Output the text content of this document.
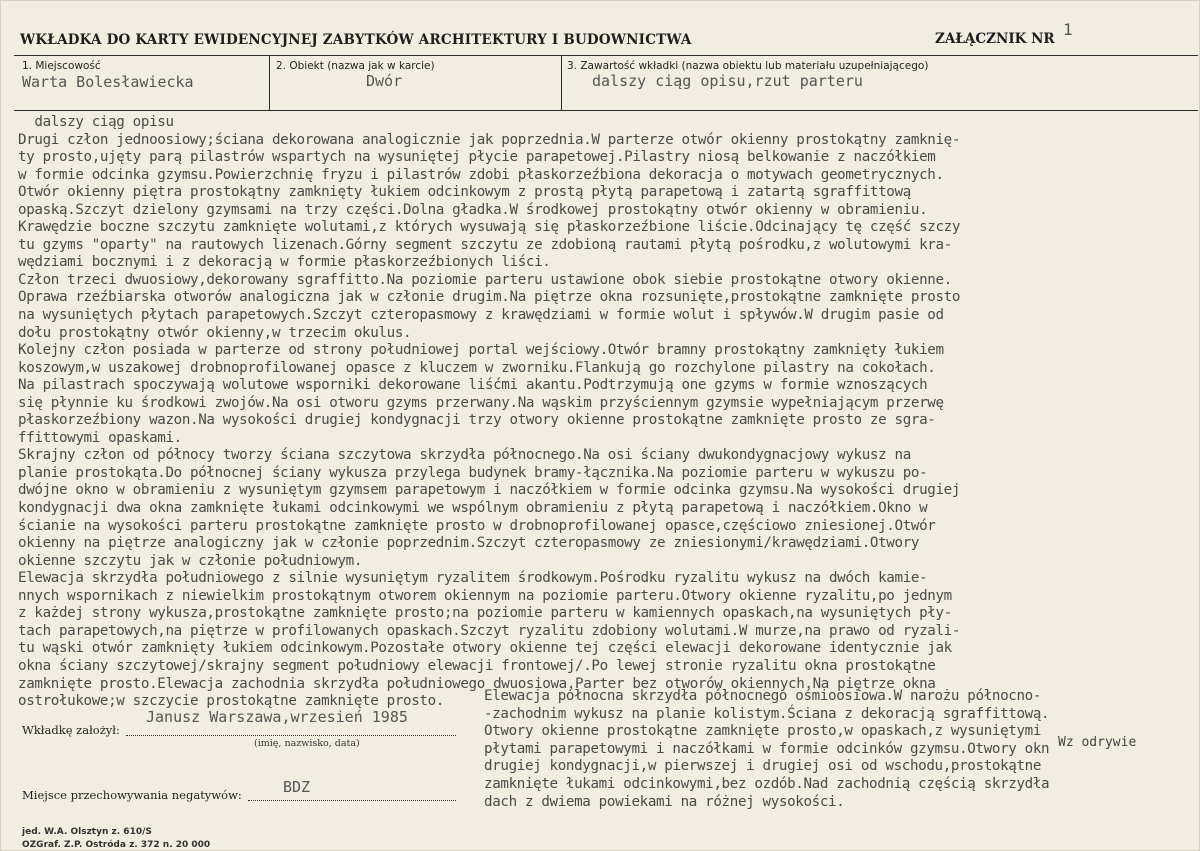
WKŁADKA DO KARTY EWIDENCYJNEJ ZABYTKÓW ARCHITEKTURY I BUDOWNICTWA	ZAŁĄCZNIK NR 1
1. Miejscowość
Warta Bolesławiecka
2. Obiekt (nazwa jak w karcie)
Dwór
3. Zawartość wkładki (nazwa obiektu lub materiału uzupełniającego)
dalszy ciąg opisu,rzut parteru
dalszy ciąg opisu
Drugi człon jednoosiowy;ściana dekorowana analogicznie jak poprzednia.W parterze otwór okienny prostokątny zamknię-
ty prosto,ujęty parą pilastrów wspartych na wysuniętej płycie parapetowej.Pilastry niosą belkowanie z naczółkiem
w formie odcinka gzymsu.Powierzchnię fryzu i pilastrów zdobi płaskorzeźbiona dekoracja o motywach geometrycznych.
Otwór okienny piętra prostokątny zamknięty łukiem odcinkowym z prostą płytą parapetową i zatartą sgraffittową
opaską.Szczyt dzielony gzymsami na trzy części.Dolna gładka.W środkowej prostokątny otwór okienny w obramieniu.
Krawędzie boczne szczytu zamknięte wolutami,z których wysuwają się płaskorzeźbione liście.Odcinający tę część szczy
tu gzyms "oparty" na rautowych lizenach.Górny segment szczytu ze zdobioną rautami płytą pośrodku,z wolutowymi kra-
wędziami bocznymi i z dekoracją w formie płaskorzeźbionych liści.
Człon trzeci dwuosiowy,dekorowany sgraffitto.Na poziomie parteru ustawione obok siebie prostokątne otwory okienne.
Oprawa rzeźbiarska otworów analogiczna jak w członie drugim.Na piętrze okna rozsunięte,prostokątne zamknięte prosto
na wysuniętych płytach parapetowych.Szczyt czteropasmowy z krawędziami w formie wolut i spływów.W drugim pasie od
dołu prostokątny otwór okienny,w trzecim okulus.
Kolejny człon posiada w parterze od strony południowej portal wejściowy.Otwór bramny prostokątny zamknięty łukiem
koszowym,w uszakowej drobnoprofilowanej opasce z kluczem w zworniku.Flankują go rozchylone pilastry na cokołach.
Na pilastrach spoczywają wolutowe wsporniki dekorowane liśćmi akantu.Podtrzymują one gzyms w formie wznoszących
się płynnie ku środkowi zwojów.Na osi otworu gzyms przerwany.Na wąskim przyściennym gzymsie wypełniającym przerwę
płaskorzeźbiony wazon.Na wysokości drugiej kondygnacji trzy otwory okienne prostokątne zamknięte prosto ze sgra-
ffittowymi opaskami.
Skrajny człon od północy tworzy ściana szczytowa skrzydła północnego.Na osi ściany dwukondygnacjowy wykusz na
planie prostokąta.Do północnej ściany wykusza przylega budynek bramy-łącznika.Na poziomie parteru w wykuszu po-
dwójne okno w obramieniu z wysuniętym gzymsem parapetowym i naczółkiem w formie odcinka gzymsu.Na wysokości drugiej
kondygnacji dwa okna zamknięte łukami odcinkowymi we wspólnym obramieniu z płytą parapetową i naczółkiem.Okno w
ścianie na wysokości parteru prostokątne zamknięte prosto w drobnoprofilowanej opasce,częściowo zniesionej.Otwór
okienny na piętrze analogiczny jak w członie poprzednim.Szczyt czteropasmowy ze zniesionymi/krawędziami.Otwory
okienne szczytu jak w członie południowym.
Elewacja skrzydła południowego z silnie wysuniętym ryzalitem środkowym.Pośrodku ryzalitu wykusz na dwóch kamie-
nnych wspornikach z niewielkim prostokątnym otworem okiennym na poziomie parteru.Otwory okienne ryzalitu,po jednym
z każdej strony wykusza,prostokątne zamknięte prosto;na poziomie parteru w kamiennych opaskach,na wysuniętych pły-
tach parapetowych,na piętrze w profilowanych opaskach.Szczyt ryzalitu zdobiony wolutami.W murze,na prawo od ryzali-
tu wąski otwór zamknięty łukiem odcinkowym.Pozostałe otwory okienne tej części elewacji dekorowane identycznie jak
okna ściany szczytowej/skrajny segment południowy elewacji frontowej/.Po lewej stronie ryzalitu okna prostokątne
zamknięte prosto.Elewacja zachodnia skrzydła południowego dwuosiowa.Parter bez otworów okiennych.Na piętrze okna
ostrołukowe;w szczycie prostokątne zamknięte prosto.	Elewacja północna skrzydła północnego ośmioosiowa.W narożu północno-
-zachodnim wykusz na planie kolistym.Ściana z dekoracją sgraffittową.
Otwory okienne prostokątne zamknięte prosto,w opaskach,z wysuniętymi
płytami parapetowymi i naczółkami w formie odcinków gzymsu.Otwory okn
drugiej kondygnacji,w pierwszej i drugiej osi od wschodu,prostokątne
zamknięte łukami odcinkowymi,bez ozdób.Nad zachodnią częścią skrzydła
dach z dwiema powiekami na różnej wysokości.
Wz odrywie
Wkładkę założył:
Janusz Warszawa,wrzesień 1985
(imię, nazwisko, data)
Miejsce przechowywania negatywów:	BDZ
jed. W.A. Olsztyn z. 610/S
OZGraf. Z.P. Ostróda z. 372 n. 20 000
